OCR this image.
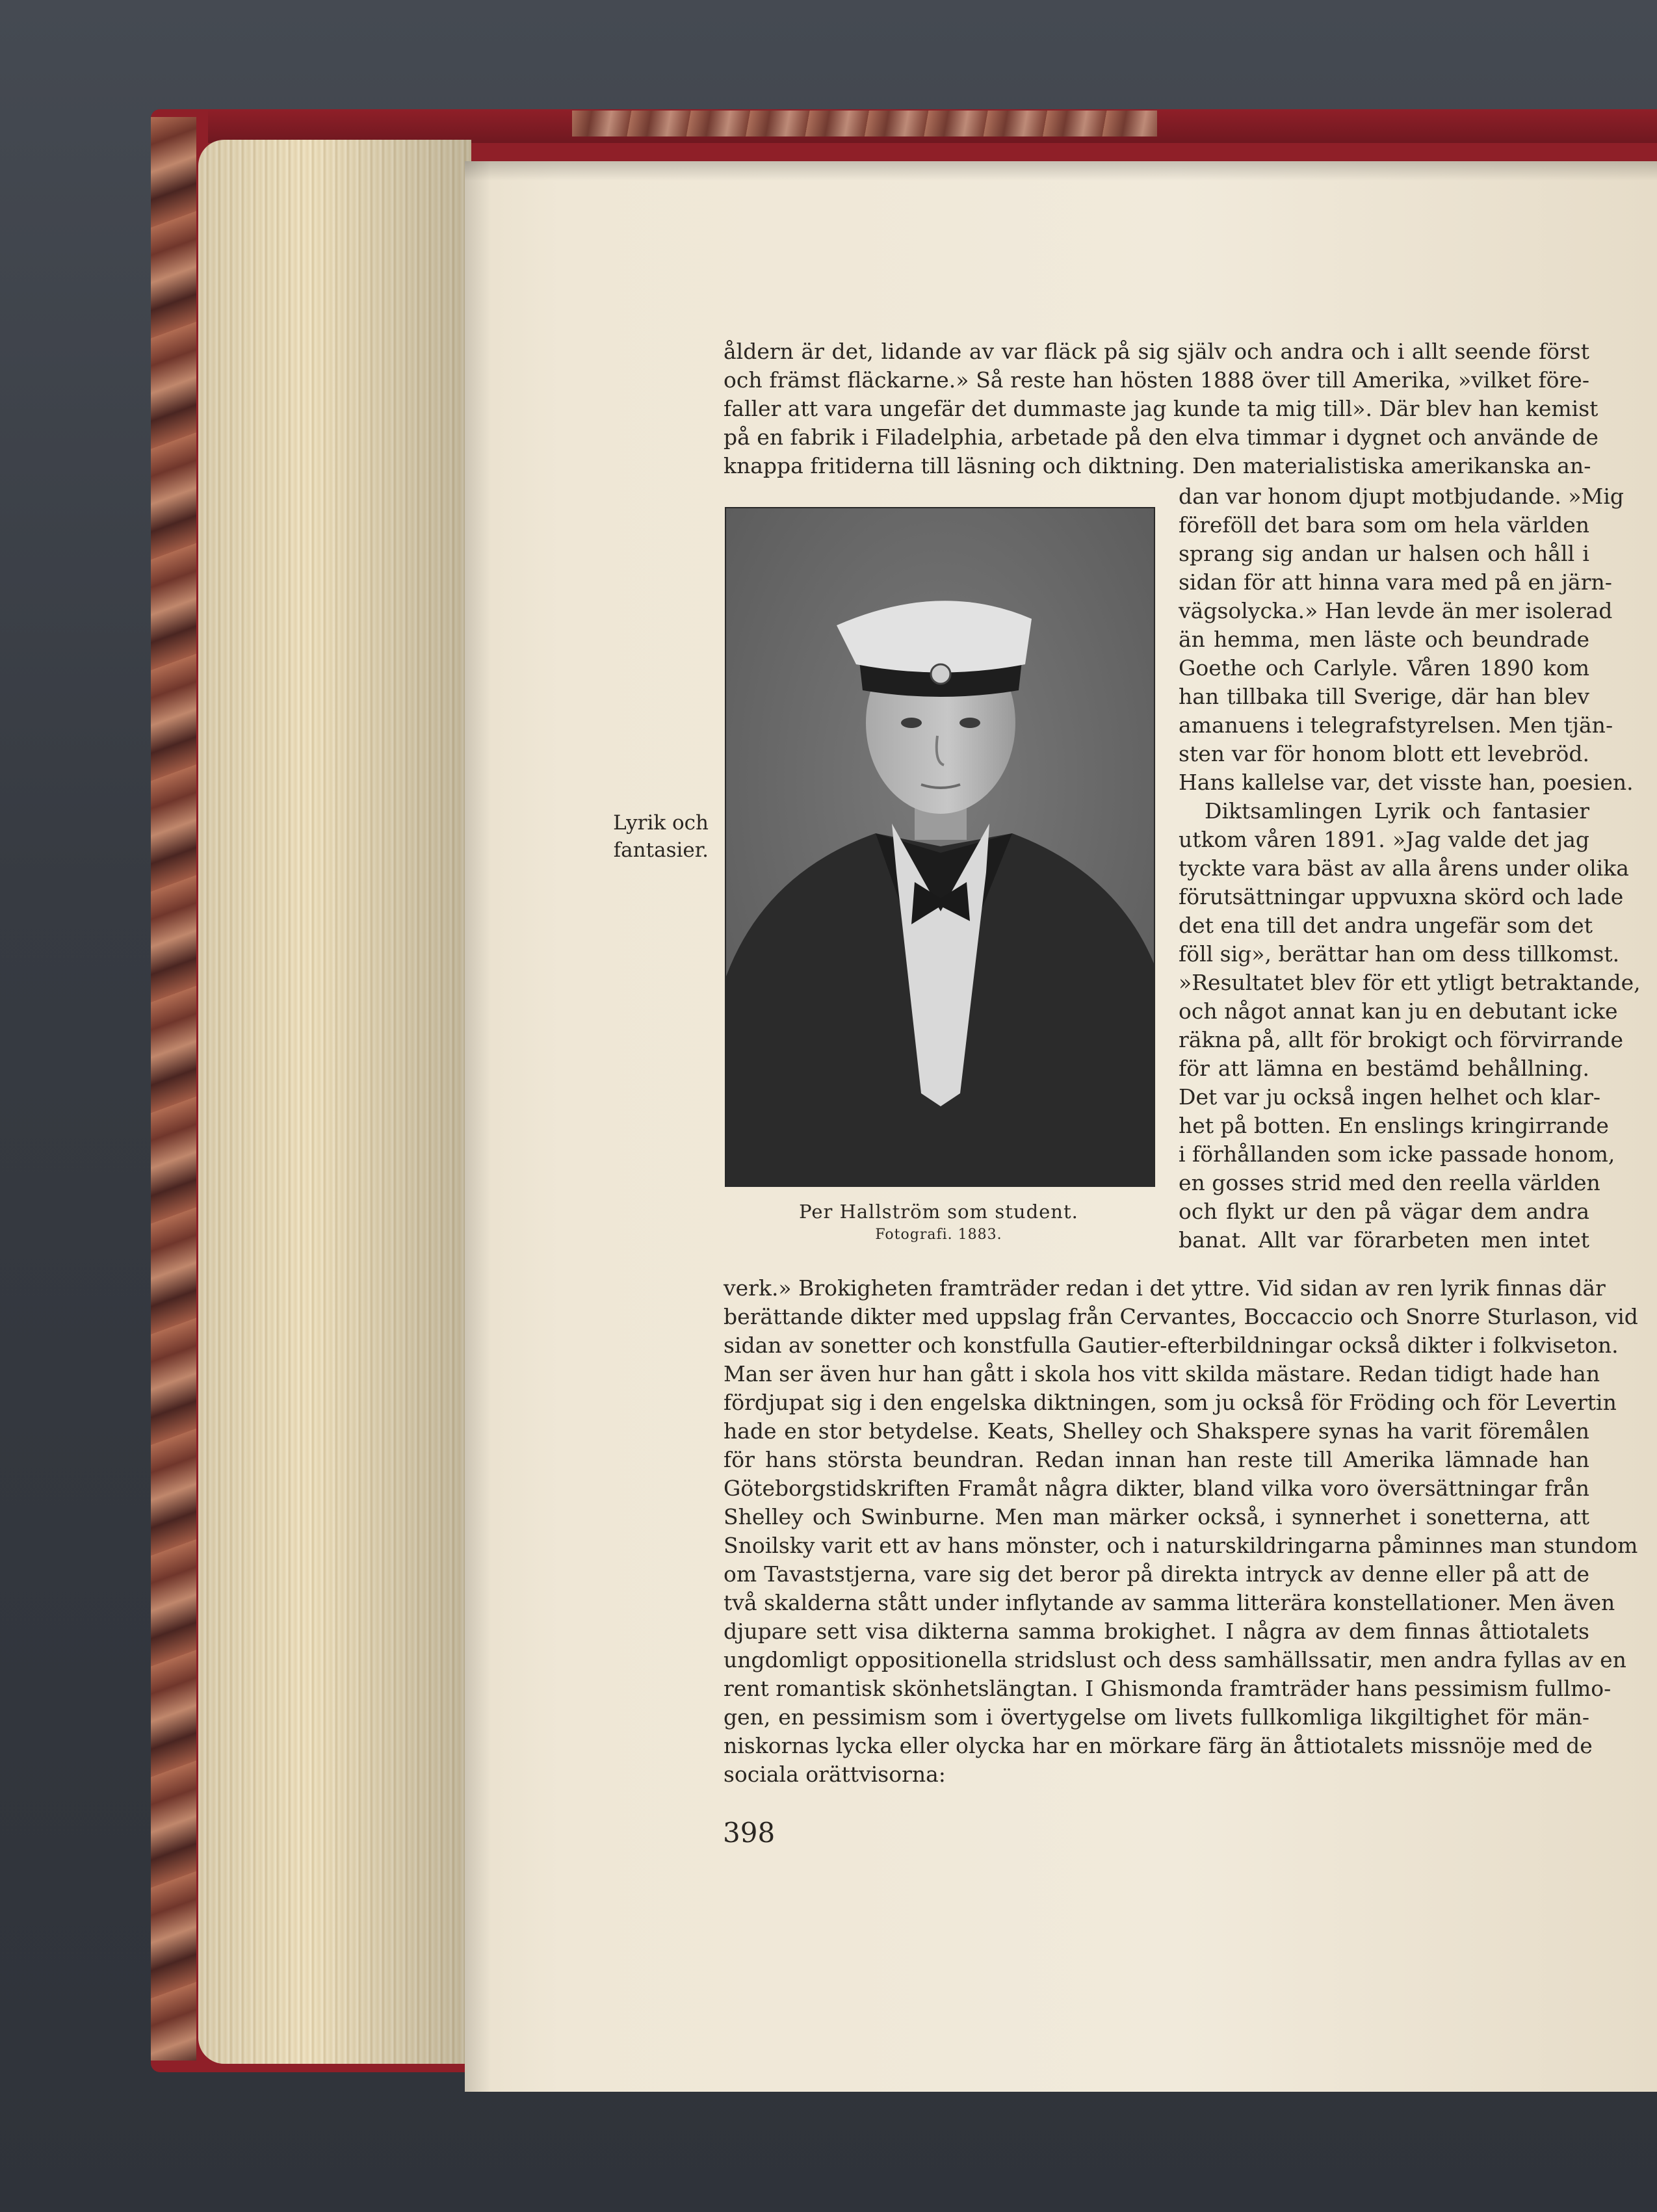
åldern är det, lidande av var fläck på sig själv och andra och i allt seende först
och främst fläckarne.» Så reste han hösten 1888 över till Amerika, »vilket före-
faller att vara ungefär det dummaste jag kunde ta mig till». Där blev han kemist
på en fabrik i Filadelphia, arbetade på den elva timmar i dygnet och använde de
knappa fritiderna till läsning och diktning. Den materialistiska amerikanska an-
dan var honom djupt motbjudande. »Mig
föreföll det bara som om hela världen
sprang sig andan ur halsen och håll i
sidan för att hinna vara med på en järn-
vägsolycka.» Han levde än mer isolerad
än hemma, men läste och beundrade
Goethe och Carlyle. Våren 1890 kom
han tillbaka till Sverige, där han blev
amanuens i telegrafstyrelsen. Men tjän-
sten var för honom blott ett levebröd.
Hans kallelse var, det visste han, poesien.
Diktsamlingen Lyrik och fantasier
utkom våren 1891. »Jag valde det jag
tyckte vara bäst av alla årens under olika
förutsättningar uppvuxna skörd och lade
det ena till det andra ungefär som det
föll sig», berättar han om dess tillkomst.
»Resultatet blev för ett ytligt betraktande,
och något annat kan ju en debutant icke
räkna på, allt för brokigt och förvirrande
för att lämna en bestämd behållning.
Det var ju också ingen helhet och klar-
het på botten. En enslings kringirrande
i förhållanden som icke passade honom,
en gosses strid med den reella världen
och flykt ur den på vägar dem andra
banat. Allt var förarbeten men intet
verk.» Brokigheten framträder redan i det yttre. Vid sidan av ren lyrik finnas där
berättande dikter med uppslag från Cervantes, Boccaccio och Snorre Sturlason, vid
sidan av sonetter och konstfulla Gautier-efterbildningar också dikter i folkviseton.
Man ser även hur han gått i skola hos vitt skilda mästare. Redan tidigt hade han
fördjupat sig i den engelska diktningen, som ju också för Fröding och för Levertin
hade en stor betydelse. Keats, Shelley och Shakspere synas ha varit föremålen
för hans största beundran. Redan innan han reste till Amerika lämnade han
Göteborgstidskriften Framåt några dikter, bland vilka voro översättningar från
Shelley och Swinburne. Men man märker också, i synnerhet i sonetterna, att
Snoilsky varit ett av hans mönster, och i naturskildringarna påminnes man stundom
om Tavaststjerna, vare sig det beror på direkta intryck av denne eller på att de
två skalderna stått under inflytande av samma litterära konstellationer. Men även
djupare sett visa dikterna samma brokighet. I några av dem finnas åttiotalets
ungdomligt oppositionella stridslust och dess samhällssatir, men andra fyllas av en
rent romantisk skönhetslängtan. I Ghismonda framträder hans pessimism fullmo-
gen, en pessimism som i övertygelse om livets fullkomliga likgiltighet för män-
niskornas lycka eller olycka har en mörkare färg än åttiotalets missnöje med de
sociala orättvisorna:
Per Hallström som student.
Fotografi. 1883.
Lyrik och
fantasier.
398
